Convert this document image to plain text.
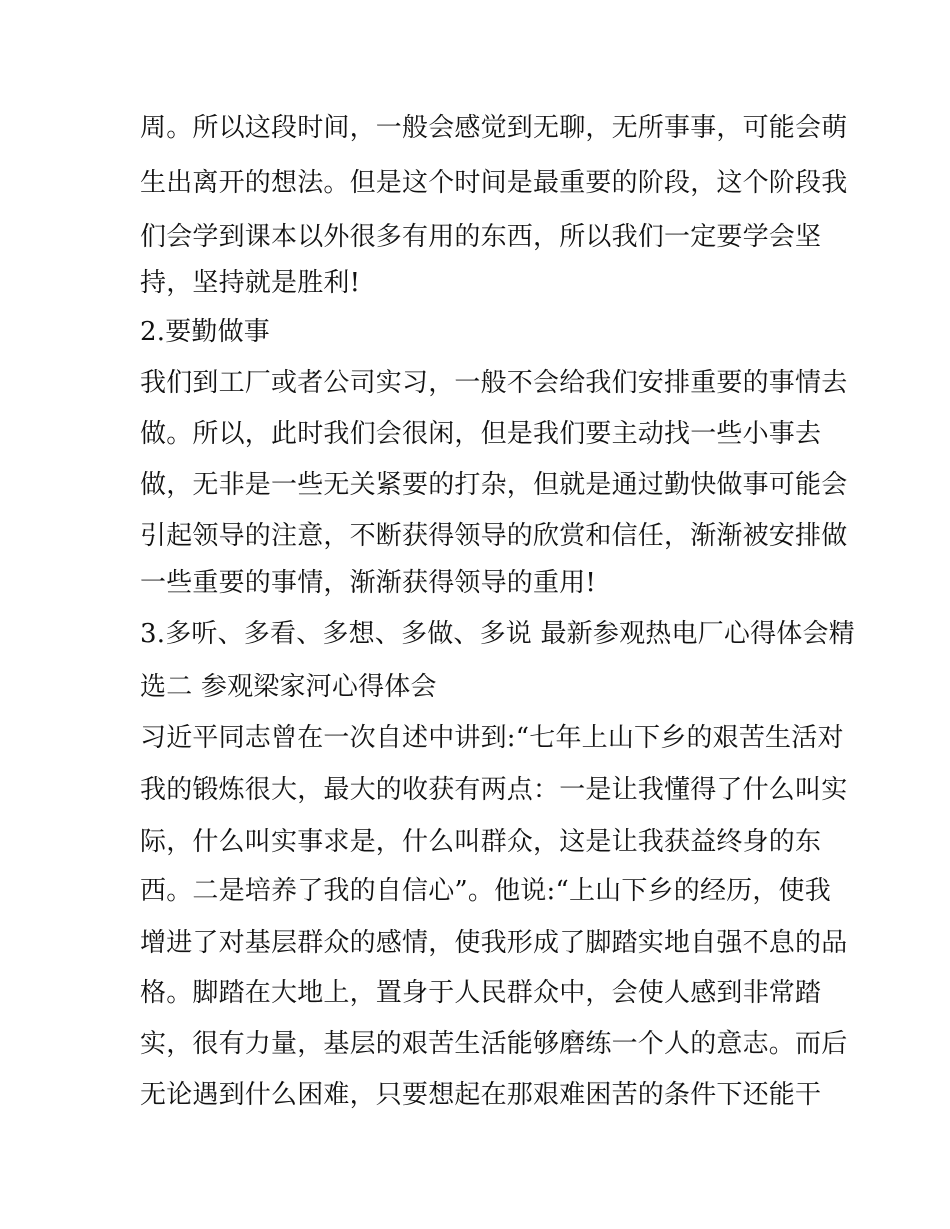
周。所以这段时间，一般会感觉到无聊，无所事事，可能会萌
生出离开的想法。但是这个时间是最重要的阶段，这个阶段我
们会学到课本以外很多有用的东西，所以我们一定要学会坚
持，坚持就是胜利!
2.要勤做事
我们到工厂或者公司实习，一般不会给我们安排重要的事情去
做。所以，此时我们会很闲，但是我们要主动找一些小事去
做，无非是一些无关紧要的打杂，但就是通过勤快做事可能会
引起领导的注意，不断获得领导的欣赏和信任，渐渐被安排做
一些重要的事情，渐渐获得领导的重用!
3.多听、多看、多想、多做、多说 最新参观热电厂心得体会精
选二 参观梁家河心得体会
习近平同志曾在一次自述中讲到:“七年上山下乡的艰苦生活对
我的锻炼很大，最大的收获有两点：一是让我懂得了什么叫实
际，什么叫实事求是，什么叫群众，这是让我获益终身的东
西。二是培养了我的自信心”。他说:“上山下乡的经历，使我
增进了对基层群众的感情，使我形成了脚踏实地自强不息的品
格。脚踏在大地上，置身于人民群众中，会使人感到非常踏
实，很有力量，基层的艰苦生活能够磨练一个人的意志。而后
无论遇到什么困难，只要想起在那艰难困苦的条件下还能干
